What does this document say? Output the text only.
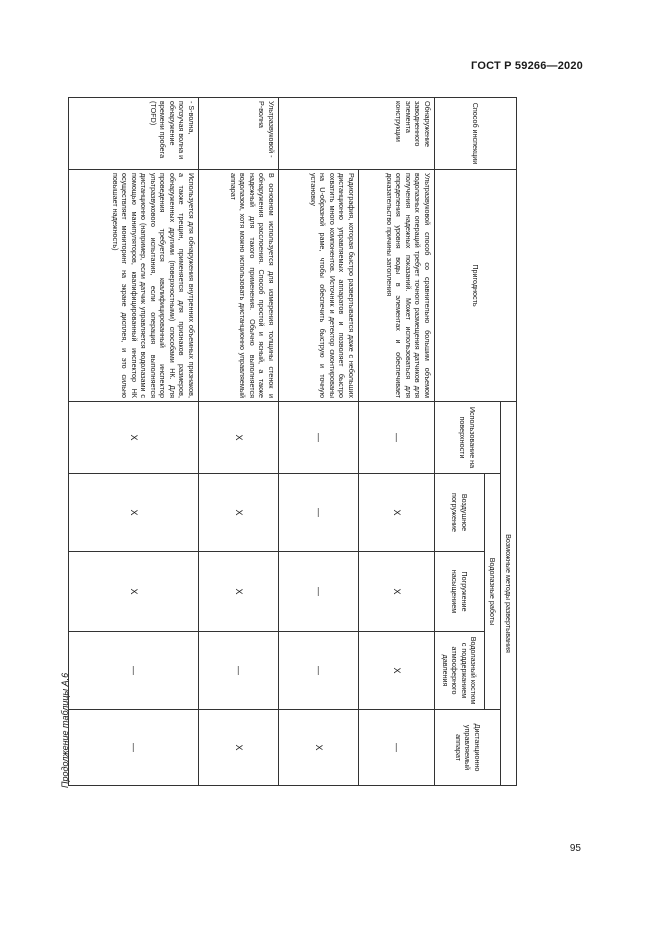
ГОСТ Р 59266—2020
Продолжение таблицы А.6
Способ инспекции	Пригодность	Возможные методы развертывания				
		Использование на поверхности	Водолазные работы			Дистанционно управляемый аппарат
			Воздушное погружение	Погружение насыщением	Водолазный костюм с поддержанием атмосферного давления	
Обнаружение заводненного элемента конструкции	Ультразвуковой способ со сравнительно большим объемом водолазных операций требует точного размещения датчиков для получения надежных показаний. Может использоваться для определения уровня воды в элементах и обеспечивает доказательство причины затопления	—	X	X	X	—
	Радиография, которая быстро развертывается даже с небольших дистанционно управляемых аппаратов и позволяет быстро охватить много компонентов. Источник и детектор смонтированы на U-образной раме, чтобы обеспечить быструю и точную установку	—	—	—	—	X
Ультразвуковой - P-волна	В основном используется для измерения толщины стенок и обнаружения расслоения. Способ простой и ясный, а также надежный для такого применения. Обычно выполняется водолазом, хотя можно использовать дистанционно управляемый аппарат	X	X	X	—	X
- S-волна, ползучая волна и обнаружение времени пробега (TOFD)	Используется для обнаружения внутренних объемных признаков, а также трещин, применяется для признаков размеров, обнаруженных другими (поверхностными) способами НК. Для проведения требуется квалифицированный инспектор ультразвукового испытания, если операция выполняется дистанционно (например, если датчик управляется водолазами с помощью манипуляторов, квалифицированный инспектор НК осуществляет мониторинг на экране дисплея, и это сильно повышает надежность)	X	X	X	—	—
95
